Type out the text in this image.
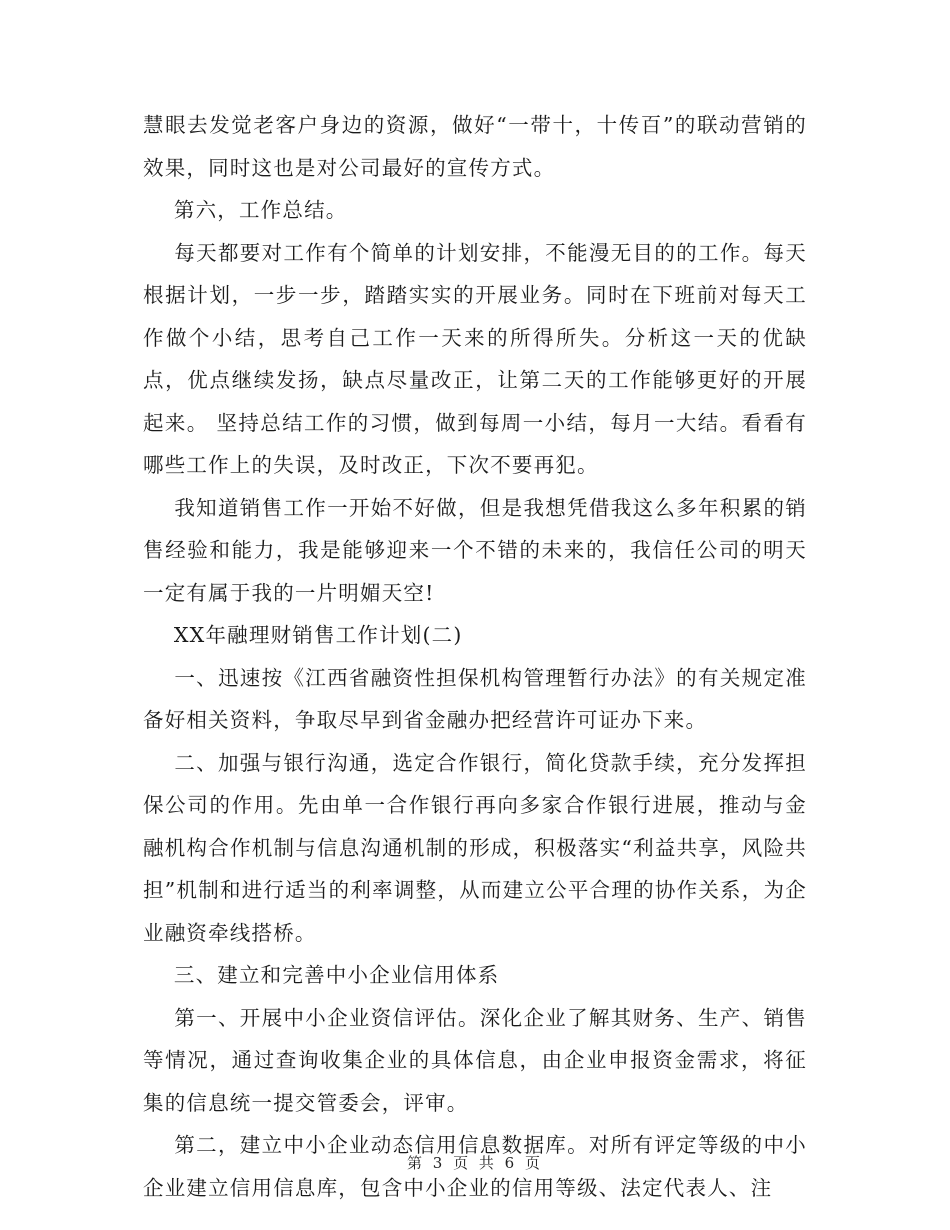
慧眼去发觉老客户身边的资源，做好“一带十，十传百”的联动营销的效果，同时这也是对公司最好的宣传方式。

第六，工作总结。

每天都要对工作有个简单的计划安排，不能漫无目的的工作。每天根据计划，一步一步，踏踏实实的开展业务。同时在下班前对每天工作做个小结，思考自己工作一天来的所得所失。分析这一天的优缺点，优点继续发扬，缺点尽量改正，让第二天的工作能够更好的开展起来。 坚持总结工作的习惯，做到每周一小结，每月一大结。看看有哪些工作上的失误，及时改正，下次不要再犯。

我知道销售工作一开始不好做，但是我想凭借我这么多年积累的销售经验和能力，我是能够迎来一个不错的未来的，我信任公司的明天一定有属于我的一片明媚天空!

XX年融理财销售工作计划(二)

一、迅速按《江西省融资性担保机构管理暂行办法》的有关规定准备好相关资料，争取尽早到省金融办把经营许可证办下来。

二、加强与银行沟通，选定合作银行，简化贷款手续，充分发挥担保公司的作用。先由单一合作银行再向多家合作银行进展，推动与金融机构合作机制与信息沟通机制的形成，积极落实“利益共享，风险共担”机制和进行适当的利率调整，从而建立公平合理的协作关系，为企业融资牵线搭桥。

三、建立和完善中小企业信用体系

第一、开展中小企业资信评估。深化企业了解其财务、生产、销售等情况，通过查询收集企业的具体信息，由企业申报资金需求，将征集的信息统一提交管委会，评审。

第二，建立中小企业动态信用信息数据库。对所有评定等级的中小企业建立信用信息库，包含中小企业的信用等级、法定代表人、注

第 3 页 共 6 页
